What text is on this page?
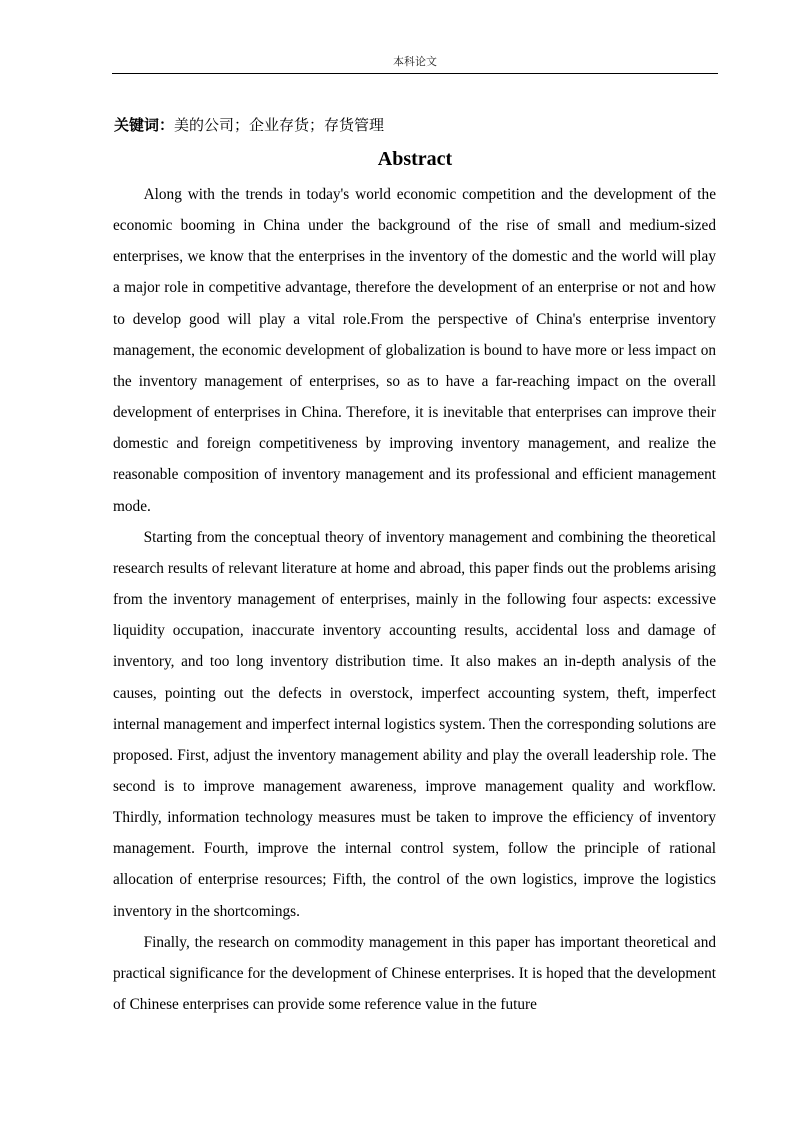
本科论文
关键词：美的公司；企业存货；存货管理
Abstract

Along with the trends in today's world economic competition and the development of the economic booming in China under the background of the rise of small and medium-sized enterprises, we know that the enterprises in the inventory of the domestic and the world will play a major role in competitive advantage, therefore the development of an enterprise or not and how to develop good will play a vital role.From the perspective of China's enterprise inventory management, the economic development of globalization is bound to have more or less impact on the inventory management of enterprises, so as to have a far-reaching impact on the overall development of enterprises in China. Therefore, it is inevitable that enterprises can improve their domestic and foreign competitiveness by improving inventory management, and realize the reasonable composition of inventory management and its professional and efficient management mode.

Starting from the conceptual theory of inventory management and combining the theoretical research results of relevant literature at home and abroad, this paper finds out the problems arising from the inventory management of enterprises, mainly in the following four aspects: excessive liquidity occupation, inaccurate inventory accounting results, accidental loss and damage of inventory, and too long inventory distribution time. It also makes an in-depth analysis of the causes, pointing out the defects in overstock, imperfect accounting system, theft, imperfect internal management and imperfect internal logistics system. Then the corresponding solutions are proposed. First, adjust the inventory management ability and play the overall leadership role. The second is to improve management awareness, improve management quality and workflow. Thirdly, information technology measures must be taken to improve the efficiency of inventory management. Fourth, improve the internal control system, follow the principle of rational allocation of enterprise resources; Fifth, the control of the own logistics, improve the logistics inventory in the shortcomings.

Finally, the research on commodity management in this paper has important theoretical and practical significance for the development of Chinese enterprises. It is hoped that the development of Chinese enterprises can provide some reference value in the future
